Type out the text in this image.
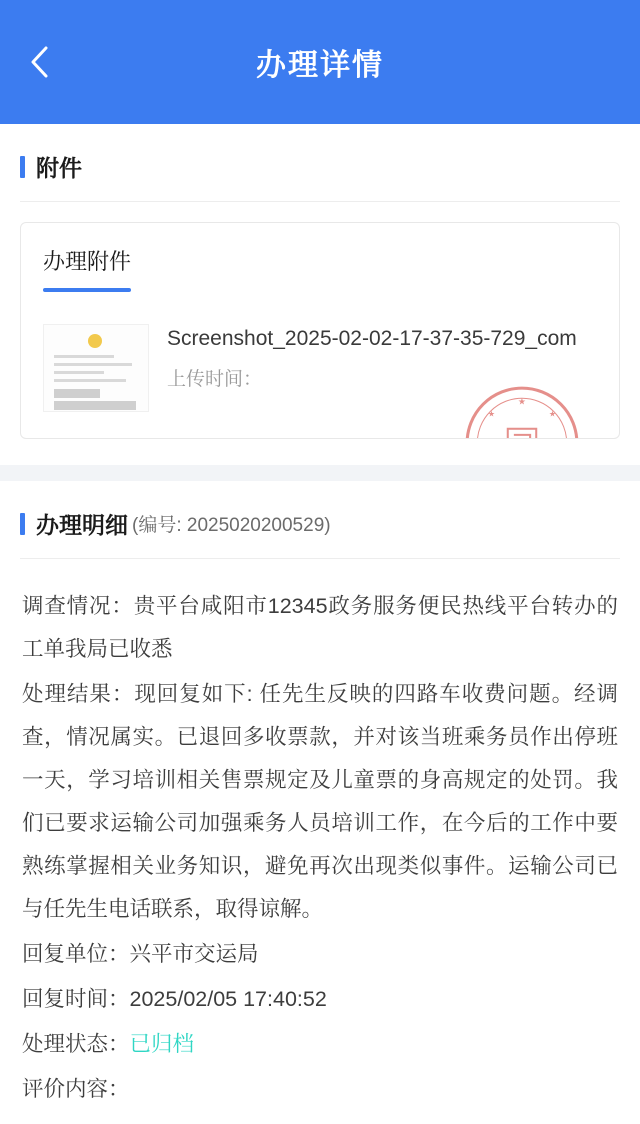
办理详情
附件
办理附件
Screenshot_2025-02-02-17-37-35-729_com
上传时间：
★
★	★
★	★
办理明细 (编号: 2025020200529)
调查情况：贵平台咸阳市12345政务服务便民热线平台转办的工单我局已收悉
处理结果：现回复如下: 任先生反映的四路车收费问题。经调查，情况属实。已退回多收票款，并对该当班乘务员作出停班一天，学习培训相关售票规定及儿童票的身高规定的处罚。我们已要求运输公司加强乘务人员培训工作，在今后的工作中要熟练掌握相关业务知识，避免再次出现类似事件。运输公司已与任先生电话联系，取得谅解。
回复单位：兴平市交运局
回复时间：2025/02/05 17:40:52
处理状态：已归档
评价内容：
